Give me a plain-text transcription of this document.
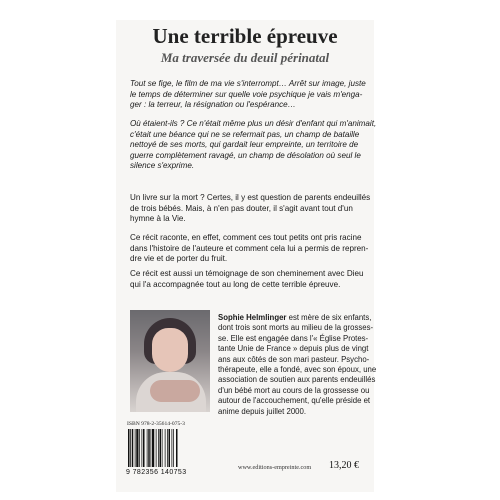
Une terrible épreuve
Ma traversée du deuil périnatal
Tout se fige, le film de ma vie s'interrompt… Arrêt sur image, juste
le temps de déterminer sur quelle voie psychique je vais m'enga-
ger : la terreur, la résignation ou l'espérance…
Où étaient-ils ? Ce n'était même plus un désir d'enfant qui m'animait,
c'était une béance qui ne se refermait pas, un champ de bataille
nettoyé de ses morts, qui gardait leur empreinte, un territoire de
guerre complètement ravagé, un champ de désolation où seul le
silence s'exprime.
Un livre sur la mort ? Certes, il y est question de parents endeuillés
de trois bébés. Mais, à n'en pas douter, il s'agit avant tout d'un
hymne à la Vie.
Ce récit raconte, en effet, comment ces tout petits ont pris racine
dans l'histoire de l'auteure et comment cela lui a permis de repren-
dre vie et de porter du fruit.
Ce récit est aussi un témoignage de son cheminement avec Dieu
qui l'a accompagnée tout au long de cette terrible épreuve.
Sophie Helmlinger est mère de six enfants,
dont trois sont morts au milieu de la grosses-
se. Elle est engagée dans l'« Église Protes-
tante Unie de France » depuis plus de vingt
ans aux côtés de son mari pasteur. Psycho-
thérapeute, elle a fondé, avec son époux, une
association de soutien aux parents endeuillés
d'un bébé mort au cours de la grossesse ou
autour de l'accouchement, qu'elle préside et
anime depuis juillet 2000.
ISBN 978-2-35614-075-3
9 782356 140753
www.editions-empreinte.com 13,20 €
